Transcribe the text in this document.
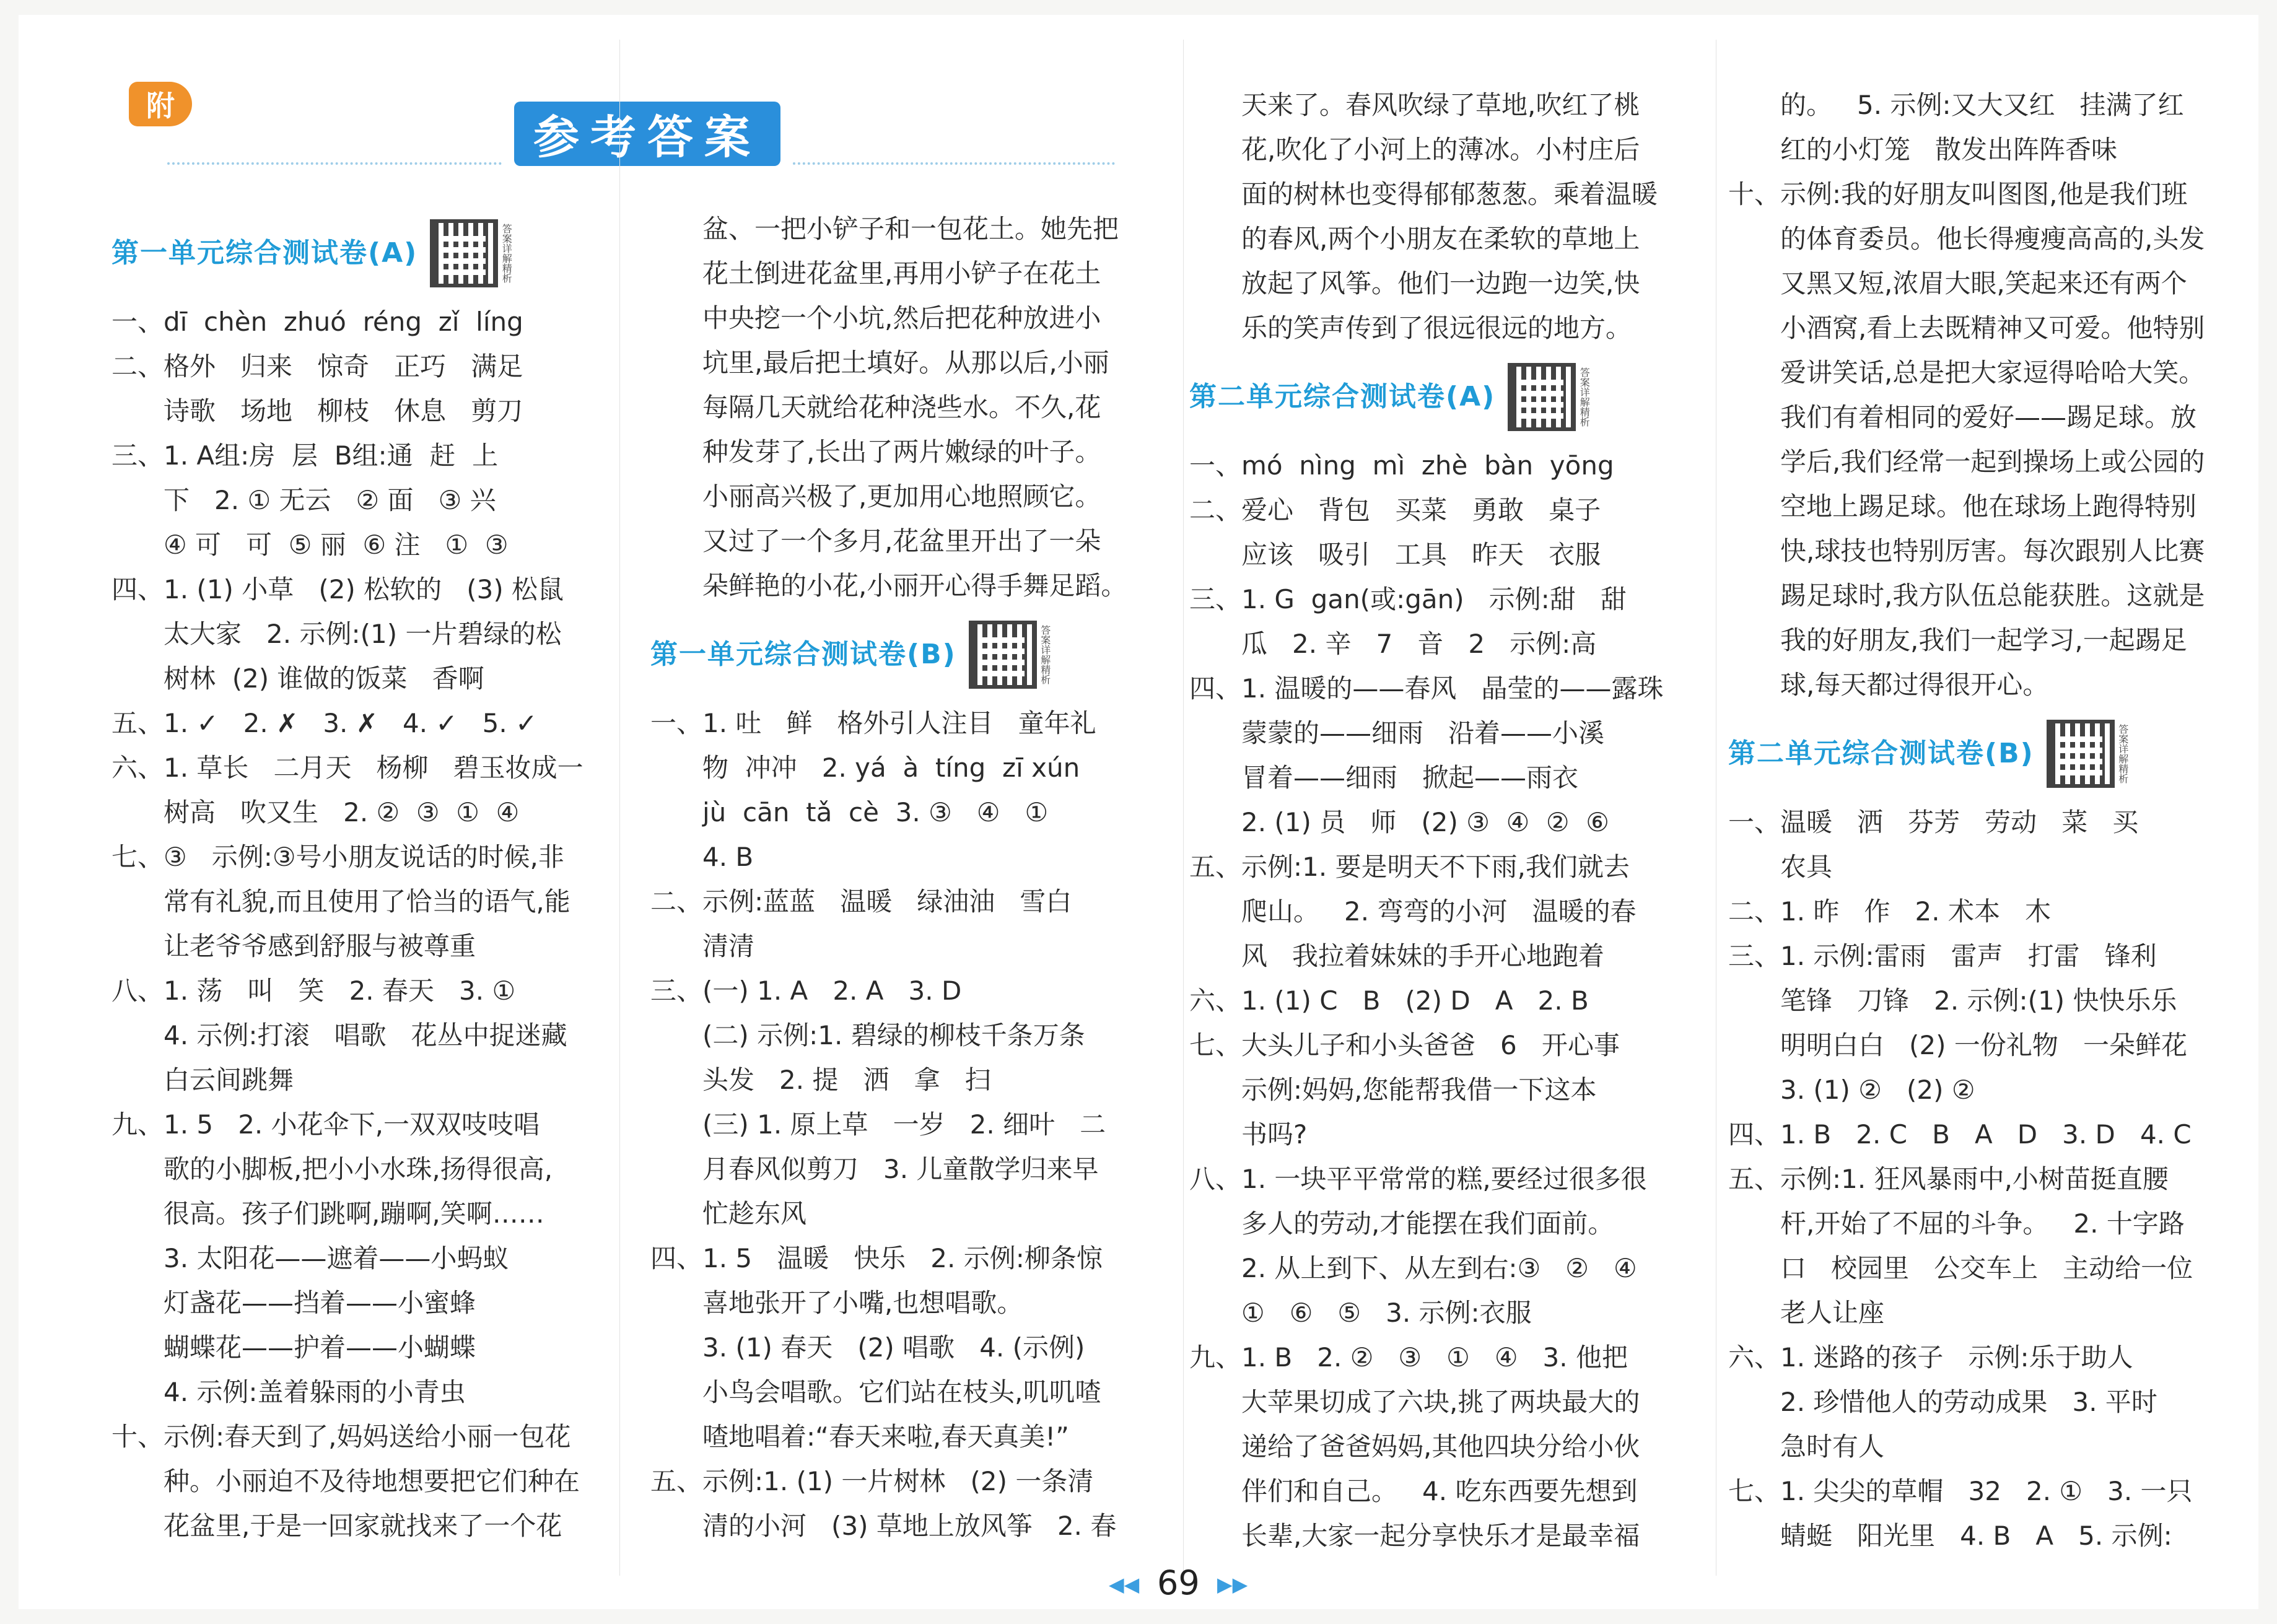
附
参考答案
第一单元综合测试卷(A)	答案详解精析

一、dī  chèn  zhuó  réng  zǐ  líng

二、格外   归来   惊奇   正巧   满足

诗歌   场地   柳枝   休息   剪刀

三、1. A组:房  层  B组:通  赶  上

下   2. ① 无云   ② 面   ③ 兴

④ 可   可  ⑤ 丽  ⑥ 注   ①  ③

四、1. (1) 小草   (2) 松软的   (3) 松鼠

太大家   2. 示例:(1) 一片碧绿的松

树林  (2) 谁做的饭菜   香啊

五、1. ✓   2. ✗   3. ✗   4. ✓   5. ✓

六、1. 草长   二月天   杨柳   碧玉妆成一

树高   吹又生   2. ②  ③  ①  ④

七、③   示例:③号小朋友说话的时候,非

常有礼貌,而且使用了恰当的语气,能

让老爷爷感到舒服与被尊重

八、1. 荡   叫   笑   2. 春天   3. ①

4. 示例:打滚   唱歌   花丛中捉迷藏

白云间跳舞

九、1. 5   2. 小花伞下,一双双吱吱唱

歌的小脚板,把小小水珠,扬得很高,

很高。孩子们跳啊,蹦啊,笑啊……

3. 太阳花——遮着——小蚂蚁

灯盏花——挡着——小蜜蜂

蝴蝶花——护着——小蝴蝶

4. 示例:盖着躲雨的小青虫

十、示例:春天到了,妈妈送给小丽一包花

种。小丽迫不及待地想要把它们种在

花盆里,于是一回家就找来了一个花

盆、一把小铲子和一包花土。她先把

花土倒进花盆里,再用小铲子在花土

中央挖一个小坑,然后把花种放进小

坑里,最后把土填好。从那以后,小丽

每隔几天就给花种浇些水。不久,花

种发芽了,长出了两片嫩绿的叶子。

小丽高兴极了,更加用心地照顾它。

又过了一个多月,花盆里开出了一朵

朵鲜艳的小花,小丽开心得手舞足蹈。

第一单元综合测试卷(B)	答案详解精析

一、1. 吐   鲜   格外引人注目   童年礼

物  冲冲   2. yá  à  tíng  zī xún

jù  cān  tǎ  cè  3. ③   ④   ①

4. B

二、示例:蓝蓝   温暖   绿油油   雪白

清清

三、(一) 1. A   2. A   3. D

(二) 示例:1. 碧绿的柳枝千条万条

头发   2. 提   洒   拿   扫

(三) 1. 原上草   一岁   2. 细叶   二

月春风似剪刀   3. 儿童散学归来早

忙趁东风

四、1. 5   温暖   快乐   2. 示例:柳条惊

喜地张开了小嘴,也想唱歌。

3. (1) 春天   (2) 唱歌   4. (示例)

小鸟会唱歌。它们站在枝头,叽叽喳

喳地唱着:“春天来啦,春天真美!”

五、示例:1. (1) 一片树林   (2) 一条清

清的小河   (3) 草地上放风筝   2. 春

天来了。春风吹绿了草地,吹红了桃

花,吹化了小河上的薄冰。小村庄后

面的树林也变得郁郁葱葱。乘着温暖

的春风,两个小朋友在柔软的草地上

放起了风筝。他们一边跑一边笑,快

乐的笑声传到了很远很远的地方。

第二单元综合测试卷(A)	答案详解精析

一、mó  nìng  mì  zhè  bàn  yōng

二、爱心   背包   买菜   勇敢   桌子

应该   吸引   工具   昨天   衣服

三、1. G  gan(或:gān)   示例:甜   甜

瓜   2. 辛   7   音   2   示例:高

四、1. 温暖的——春风   晶莹的——露珠

蒙蒙的——细雨   沿着——小溪

冒着——细雨   掀起——雨衣

2. (1) 员   师   (2) ③  ④  ②  ⑥

五、示例:1. 要是明天不下雨,我们就去

爬山。   2. 弯弯的小河   温暖的春

风   我拉着妹妹的手开心地跑着

六、1. (1) C   B   (2) D   A   2. B

七、大头儿子和小头爸爸   6   开心事

示例:妈妈,您能帮我借一下这本

书吗?

八、1. 一块平平常常的糕,要经过很多很

多人的劳动,才能摆在我们面前。

2. 从上到下、从左到右:③   ②   ④

①   ⑥   ⑤   3. 示例:衣服

九、1. B   2. ②   ③   ①   ④   3. 他把

大苹果切成了六块,挑了两块最大的

递给了爸爸妈妈,其他四块分给小伙

伴们和自己。   4. 吃东西要先想到

长辈,大家一起分享快乐才是最幸福

的。   5. 示例:又大又红   挂满了红

红的小灯笼   散发出阵阵香味

十、示例:我的好朋友叫图图,他是我们班

的体育委员。他长得瘦瘦高高的,头发

又黑又短,浓眉大眼,笑起来还有两个

小酒窝,看上去既精神又可爱。他特别

爱讲笑话,总是把大家逗得哈哈大笑。

我们有着相同的爱好——踢足球。放

学后,我们经常一起到操场上或公园的

空地上踢足球。他在球场上跑得特别

快,球技也特别厉害。每次跟别人比赛

踢足球时,我方队伍总能获胜。这就是

我的好朋友,我们一起学习,一起踢足

球,每天都过得很开心。

第二单元综合测试卷(B)	答案详解精析

一、温暖   洒   芬芳   劳动   菜   买

农具

二、1. 昨   作   2. 术本   木

三、1. 示例:雷雨   雷声   打雷   锋利

笔锋   刀锋   2. 示例:(1) 快快乐乐

明明白白   (2) 一份礼物   一朵鲜花

3. (1) ②   (2) ②

四、1. B   2. C   B   A   D   3. D   4. C

五、示例:1. 狂风暴雨中,小树苗挺直腰

杆,开始了不屈的斗争。   2. 十字路

口   校园里   公交车上   主动给一位

老人让座

六、1. 迷路的孩子   示例:乐于助人

2. 珍惜他人的劳动成果   3. 平时

急时有人

七、1. 尖尖的草帽   32   2. ①   3. 一只

蜻蜓   阳光里   4. B   A   5. 示例:

◀◀ 69 ▶▶
